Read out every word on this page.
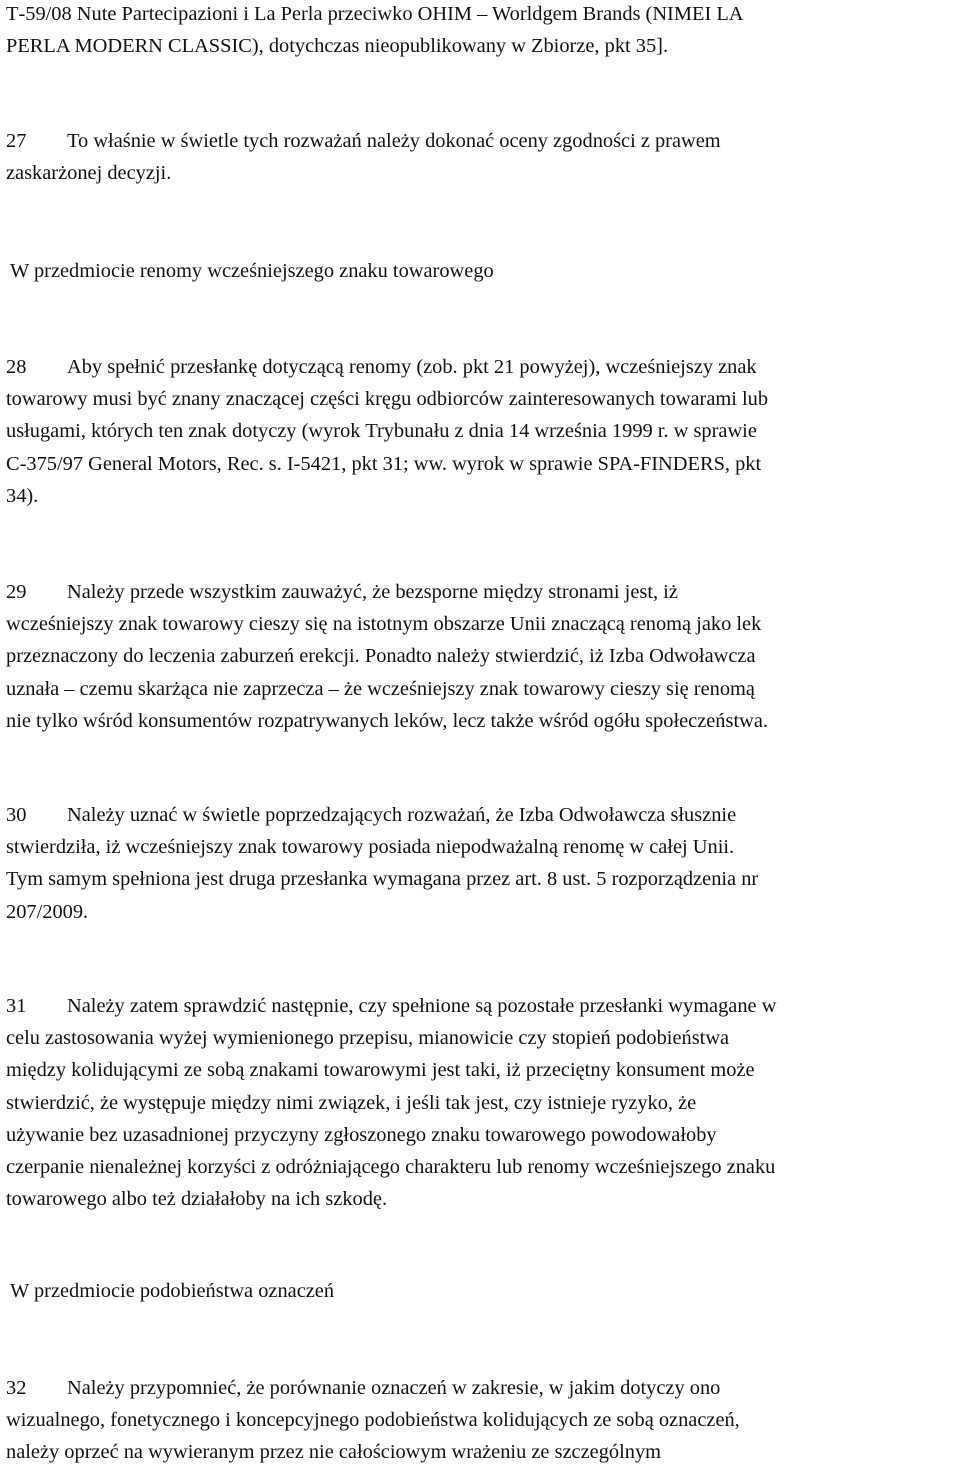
T‑59/08 Nute Partecipazioni i La Perla przeciwko OHIM – Worldgem Brands (NIMEI LA
PERLA MODERN CLASSIC), dotychczas nieopublikowany w Zbiorze, pkt 35].
27 To właśnie w świetle tych rozważań należy dokonać oceny zgodności z prawem
zaskarżonej decyzji.
W przedmiocie renomy wcześniejszego znaku towarowego
28 Aby spełnić przesłankę dotyczącą renomy (zob. pkt 21 powyżej), wcześniejszy znak
towarowy musi być znany znaczącej części kręgu odbiorców zainteresowanych towarami lub
usługami, których ten znak dotyczy (wyrok Trybunału z dnia 14 września 1999 r. w sprawie
C‑375/97 General Motors, Rec. s. I‑5421, pkt 31; ww. wyrok w sprawie SPA‑FINDERS, pkt
34).
29 Należy przede wszystkim zauważyć, że bezsporne między stronami jest, iż
wcześniejszy znak towarowy cieszy się na istotnym obszarze Unii znaczącą renomą jako lek
przeznaczony do leczenia zaburzeń erekcji. Ponadto należy stwierdzić, iż Izba Odwoławcza
uznała – czemu skarżąca nie zaprzecza – że wcześniejszy znak towarowy cieszy się renomą
nie tylko wśród konsumentów rozpatrywanych leków, lecz także wśród ogółu społeczeństwa.
30 Należy uznać w świetle poprzedzających rozważań, że Izba Odwoławcza słusznie
stwierdziła, iż wcześniejszy znak towarowy posiada niepodważalną renomę w całej Unii.
Tym samym spełniona jest druga przesłanka wymagana przez art. 8 ust. 5 rozporządzenia nr
207/2009.
31 Należy zatem sprawdzić następnie, czy spełnione są pozostałe przesłanki wymagane w
celu zastosowania wyżej wymienionego przepisu, mianowicie czy stopień podobieństwa
między kolidującymi ze sobą znakami towarowymi jest taki, iż przeciętny konsument może
stwierdzić, że występuje między nimi związek, i jeśli tak jest, czy istnieje ryzyko, że
używanie bez uzasadnionej przyczyny zgłoszonego znaku towarowego powodowałoby
czerpanie nienależnej korzyści z odróżniającego charakteru lub renomy wcześniejszego znaku
towarowego albo też działałoby na ich szkodę.
W przedmiocie podobieństwa oznaczeń
32 Należy przypomnieć, że porównanie oznaczeń w zakresie, w jakim dotyczy ono
wizualnego, fonetycznego i koncepcyjnego podobieństwa kolidujących ze sobą oznaczeń,
należy oprzeć na wywieranym przez nie całościowym wrażeniu ze szczególnym
